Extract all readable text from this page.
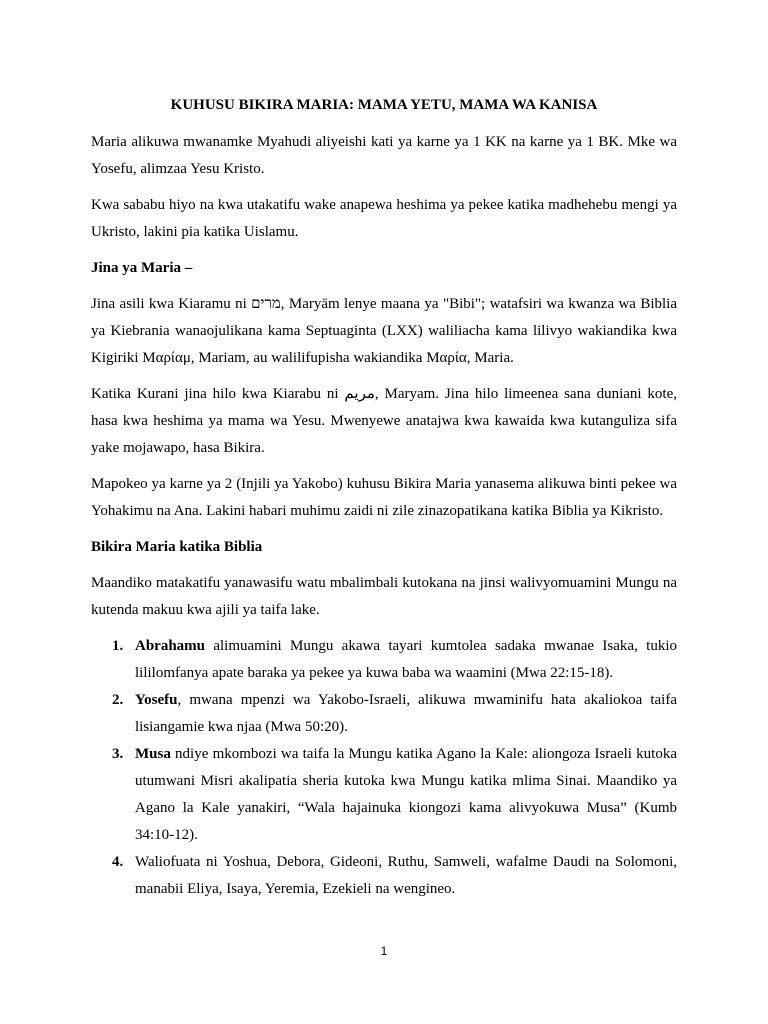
KUHUSU BIKIRA MARIA: MAMA YETU, MAMA WA KANISA

Maria alikuwa mwanamke Myahudi aliyeishi kati ya karne ya 1 KK na karne ya 1 BK. Mke wa Yosefu, alimzaa Yesu Kristo.

Kwa sababu hiyo na kwa utakatifu wake anapewa heshima ya pekee katika madhehebu mengi ya Ukristo, lakini pia katika Uislamu.

Jina ya Maria –

Jina asili kwa Kiaramu ni מרים, Maryām lenye maana ya "Bibi"; watafsiri wa kwanza wa Biblia ya Kiebrania wanaojulikana kama Septuaginta (LXX) waliliacha kama lilivyo wakiandika kwa Kigiriki Μαρίαμ, Mariam, au walilifupisha wakiandika Μαρία, Maria.

Katika Kurani jina hilo kwa Kiarabu ni مريم, Maryam. Jina hilo limeenea sana duniani kote, hasa kwa heshima ya mama wa Yesu. Mwenyewe anatajwa kwa kawaida kwa kutanguliza sifa yake mojawapo, hasa Bikira.

Mapokeo ya karne ya 2 (Injili ya Yakobo) kuhusu Bikira Maria yanasema alikuwa binti pekee wa Yohakimu na Ana. Lakini habari muhimu zaidi ni zile zinazopatikana katika Biblia ya Kikristo.

Bikira Maria katika Biblia

Maandiko matakatifu yanawasifu watu mbalimbali kutokana na jinsi walivyomuamini Mungu na kutenda makuu kwa ajili ya taifa lake.

1. Abrahamu alimuamini Mungu akawa tayari kumtolea sadaka mwanae Isaka, tukio lililomfanya apate baraka ya pekee ya kuwa baba wa waamini (Mwa 22:15-18).
2. Yosefu, mwana mpenzi wa Yakobo-Israeli, alikuwa mwaminifu hata akaliokoa taifa lisiangamie kwa njaa (Mwa 50:20).
3. Musa ndiye mkombozi wa taifa la Mungu katika Agano la Kale: aliongoza Israeli kutoka utumwani Misri akalipatia sheria kutoka kwa Mungu katika mlima Sinai. Maandiko ya Agano la Kale yanakiri, “Wala hajainuka kiongozi kama alivyokuwa Musa” (Kumb 34:10-12).
4. Waliofuata ni Yoshua, Debora, Gideoni, Ruthu, Samweli, wafalme Daudi na Solomoni, manabii Eliya, Isaya, Yeremia, Ezekieli na wengineo.
1
